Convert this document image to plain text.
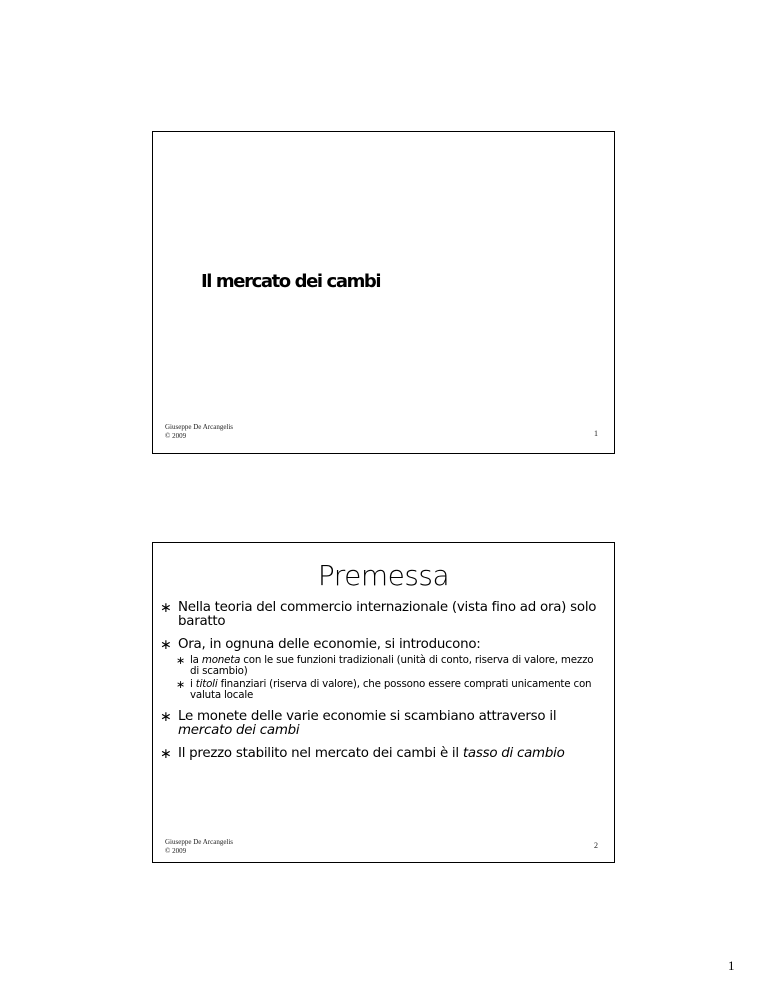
Il mercato dei cambi
Giuseppe De Arcangelis
© 2009	1
Premessa
∗ Nella teoria del commercio internazionale (vista fino ad ora) solo baratto
∗ Ora, in ognuna delle economie, si introducono:
∗ la moneta con le sue funzioni tradizionali (unità di conto, riserva di valore, mezzo di scambio)
∗ i titoli finanziari (riserva di valore), che possono essere comprati unicamente con valuta locale
∗ Le monete delle varie economie si scambiano attraverso il mercato dei cambi
∗ Il prezzo stabilito nel mercato dei cambi è il tasso di cambio
Giuseppe De Arcangelis
© 2009
2
1
